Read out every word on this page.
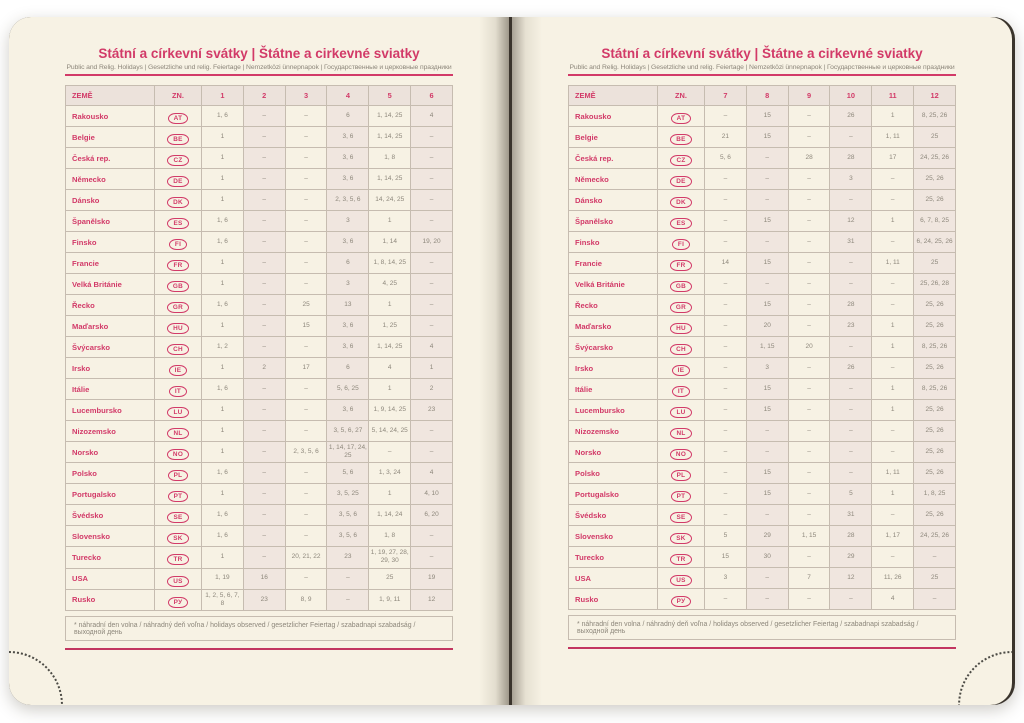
Státní a církevní svátky | Štátne a cirkevné sviatky
Public and Relig. Holidays | Gesetzliche und relig. Feiertage | Nemzetközi ünnepnapok | Государственные и церковные праздники
ZEMĚ	ZN.	1	2	3	4	5	6
Rakousko	AT	1, 6	–	–	6	1, 14, 25	4
Belgie	BE	1	–	–	3, 6	1, 14, 25	–
Česká rep.	CZ	1	–	–	3, 6	1, 8	–
Německo	DE	1	–	–	3, 6	1, 14, 25	–
Dánsko	DK	1	–	–	2, 3, 5, 6	14, 24, 25	–
Španělsko	ES	1, 6	–	–	3	1	–
Finsko	FI	1, 6	–	–	3, 6	1, 14	19, 20
Francie	FR	1	–	–	6	1, 8, 14, 25	–
Velká Británie	GB	1	–	–	3	4, 25	–
Řecko	GR	1, 6	–	25	13	1	–
Maďarsko	HU	1	–	15	3, 6	1, 25	–
Švýcarsko	CH	1, 2	–	–	3, 6	1, 14, 25	4
Irsko	IE	1	2	17	6	4	1
Itálie	IT	1, 6	–	–	5, 6, 25	1	2
Lucembursko	LU	1	–	–	3, 6	1, 9, 14, 25	23
Nizozemsko	NL	1	–	–	3, 5, 6, 27	5, 14, 24, 25	–
Norsko	NO	1	–	2, 3, 5, 6	1, 14, 17, 24, 25	–	–
Polsko	PL	1, 6	–	–	5, 6	1, 3, 24	4
Portugalsko	PT	1	–	–	3, 5, 25	1	4, 10
Švédsko	SE	1, 6	–	–	3, 5, 6	1, 14, 24	6, 20
Slovensko	SK	1, 6	–	–	3, 5, 6	1, 8	–
Turecko	TR	1	–	20, 21, 22	23	1, 19, 27, 28, 29, 30	–
USA	US	1, 19	16	–	–	25	19
Rusko	РУ	1, 2, 5, 6, 7, 8	23	8, 9	–	1, 9, 11	12
* náhradní den volna / náhradný deň voľna / holidays observed / gesetzlicher Feiertag / szabadnapi szabadság / выходной день
Státní a církevní svátky | Štátne a cirkevné sviatky
Public and Relig. Holidays | Gesetzliche und relig. Feiertage | Nemzetközi ünnepnapok | Государственные и церковные праздники
ZEMĚ	ZN.	7	8	9	10	11	12
Rakousko	AT	–	15	–	26	1	8, 25, 26
Belgie	BE	21	15	–	–	1, 11	25
Česká rep.	CZ	5, 6	–	28	28	17	24, 25, 26
Německo	DE	–	–	–	3	–	25, 26
Dánsko	DK	–	–	–	–	–	25, 26
Španělsko	ES	–	15	–	12	1	6, 7, 8, 25
Finsko	FI	–	–	–	31	–	6, 24, 25, 26
Francie	FR	14	15	–	–	1, 11	25
Velká Británie	GB	–	–	–	–	–	25, 26, 28
Řecko	GR	–	15	–	28	–	25, 26
Maďarsko	HU	–	20	–	23	1	25, 26
Švýcarsko	CH	–	1, 15	20	–	1	8, 25, 26
Irsko	IE	–	3	–	26	–	25, 26
Itálie	IT	–	15	–	–	1	8, 25, 26
Lucembursko	LU	–	15	–	–	1	25, 26
Nizozemsko	NL	–	–	–	–	–	25, 26
Norsko	NO	–	–	–	–	–	25, 26
Polsko	PL	–	15	–	–	1, 11	25, 26
Portugalsko	PT	–	15	–	5	1	1, 8, 25
Švédsko	SE	–	–	–	31	–	25, 26
Slovensko	SK	5	29	1, 15	28	1, 17	24, 25, 26
Turecko	TR	15	30	–	29	–	–
USA	US	3	–	7	12	11, 26	25
Rusko	РУ	–	–	–	–	4	–
* náhradní den volna / náhradný deň voľna / holidays observed / gesetzlicher Feiertag / szabadnapi szabadság / выходной день
